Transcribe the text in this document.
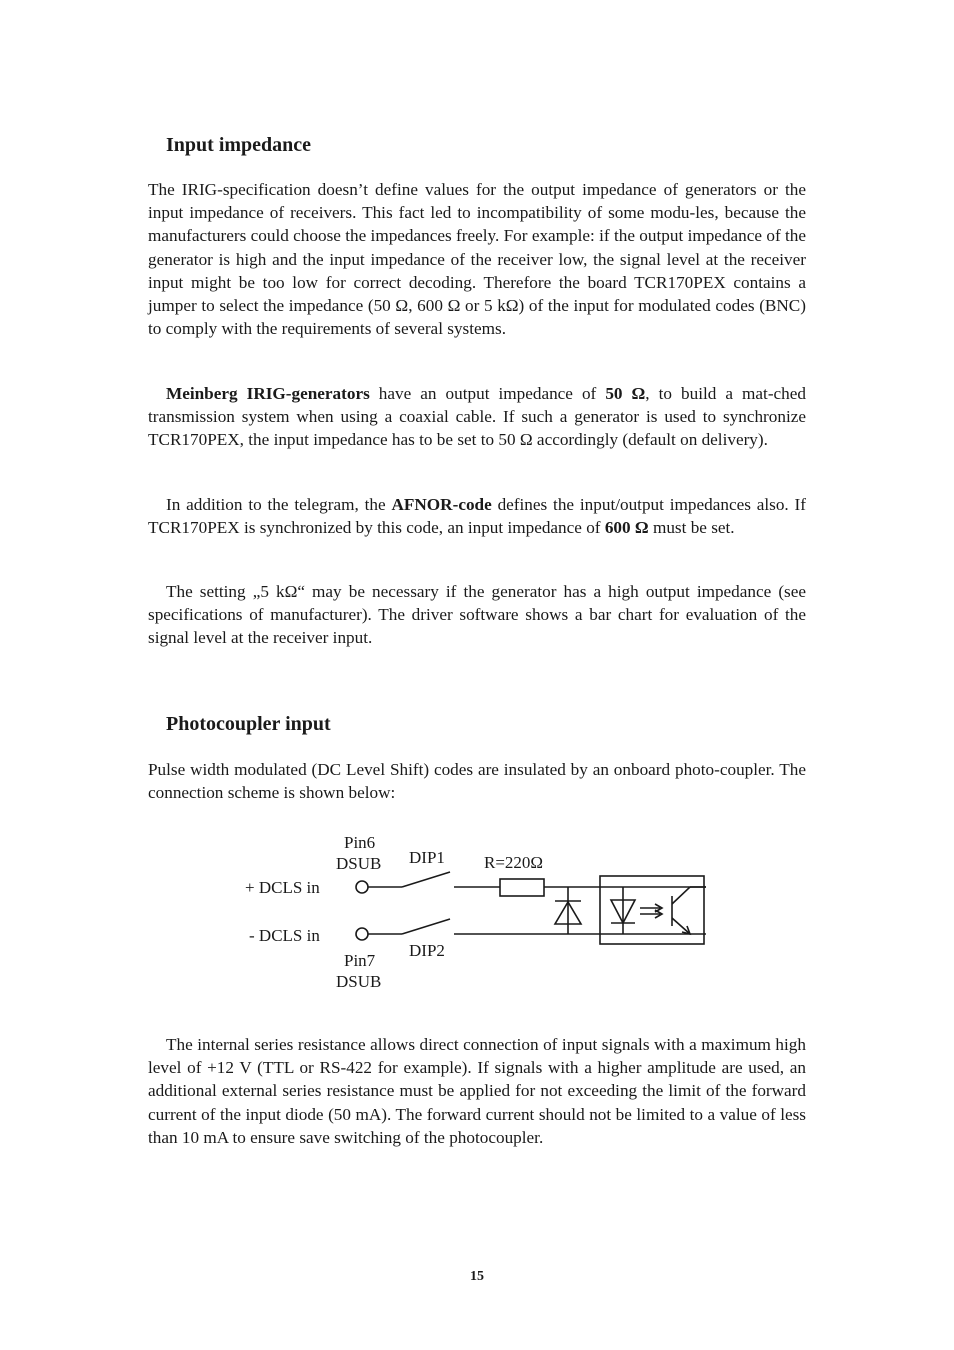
Input impedance

The IRIG-specification doesn’t define values for the output impedance of generators or the input impedance of receivers. This fact led to incompatibility of some modu-les, because the manufacturers could choose the impedances freely. For example: if the output impedance of the generator is high and the input impedance of the receiver low, the signal level at the receiver input might be too low for correct decoding. Therefore the board TCR170PEX contains a jumper to select the impedance (50 Ω, 600 Ω or 5 kΩ) of the input for modulated codes (BNC) to comply with the requirements of several systems.

Meinberg IRIG-generators have an output impedance of 50 Ω, to build a mat-ched transmission system when using a coaxial cable. If such a generator is used to synchronize TCR170PEX, the input impedance has to be set to 50 Ω accordingly (default on delivery).

In addition to the telegram, the AFNOR-code defines the input/output impedances also. If TCR170PEX is synchronized by this code, an input impedance of 600 Ω must be set.

The setting „5 kΩ“ may be necessary if the generator has a high output impedance (see specifications of manufacturer). The driver software shows a bar chart for evaluation of the signal level at the receiver input.

Photocoupler input

Pulse width modulated (DC Level Shift) codes are insulated by an onboard photo-coupler. The connection scheme is shown below:

Pin6
DSUB DIP1 R=220Ω
+ DCLS in
- DCLS in
DIP2
Pin7
DSUB

The internal series resistance allows direct connection of input signals with a maximum high level of +12 V (TTL or RS-422 for example). If signals with a higher amplitude are used, an additional external series resistance must be applied for not exceeding the limit of the forward current of the input diode (50 mA). The forward current should not be limited to a value of less than 10 mA to ensure save switching of the photocoupler.

15
